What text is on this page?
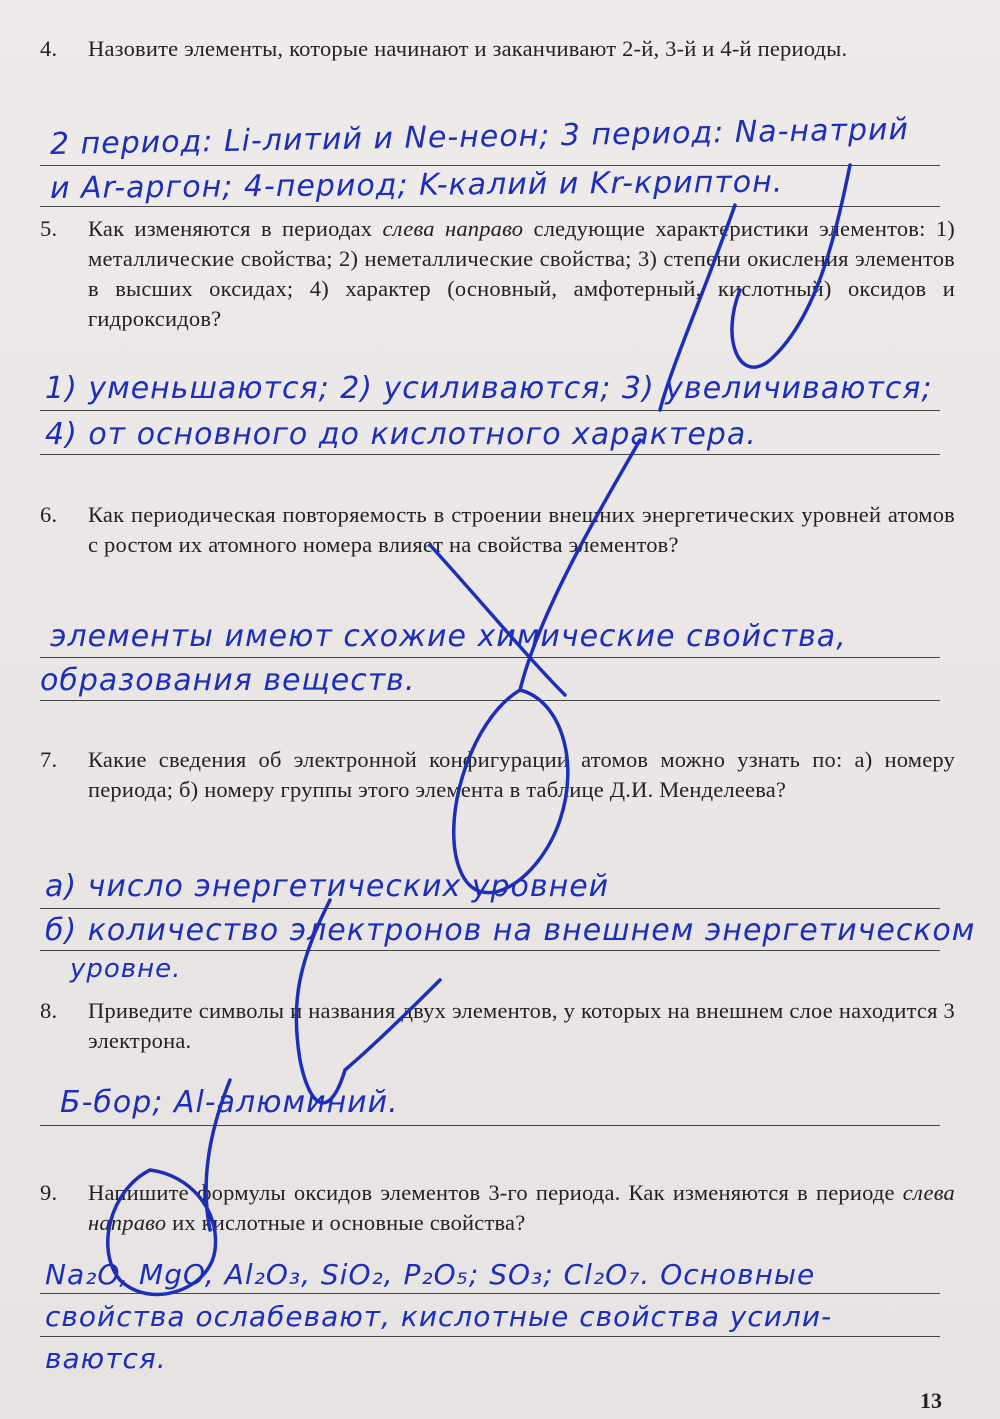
4.	Назовите элементы, которые начинают и заканчивают 2-й, 3-й и 4-й периоды.
2 период: Li-литий и Ne-неон; 3 период: Na-натрий
и Ar-аргон; 4-период; K-калий и Kr-криптон.
5.	Как изменяются в периодах слева направо следующие характеристики элементов: 1) металлические свойства; 2) неметаллические свойства; 3) степени окисления элементов в высших оксидах; 4) характер (основный, амфотерный, кислотный) оксидов и гидроксидов?
1) уменьшаются; 2) усиливаются; 3) увеличиваются;
4) от основного до кислотного характера.
6.	Как периодическая повторяемость в строении внешних энергетических уровней атомов с ростом их атомного номера влияет на свойства элементов?
элементы имеют схожие химические свойства,
образования веществ.
7.	Какие сведения об электронной конфигурации атомов можно узнать по: а) номеру периода; б) номеру группы этого элемента в таблице Д.И. Менделеева?
а) число энергетических уровней
б) количество электронов на внешнем энергетическом
уровне.
8.	Приведите символы и названия двух элементов, у которых на внешнем слое находится 3 электрона.
Б-бор; Al-алюминий.
9.	Напишите формулы оксидов элементов 3-го периода. Как изменяются в периоде слева направо их кислотные и основные свойства?
Na₂O, MgO, Al₂O₃, SiO₂, P₂O₅; SO₃; Cl₂O₇. Основные
свойства ослабевают, кислотные свойства усили-
ваются.
13
